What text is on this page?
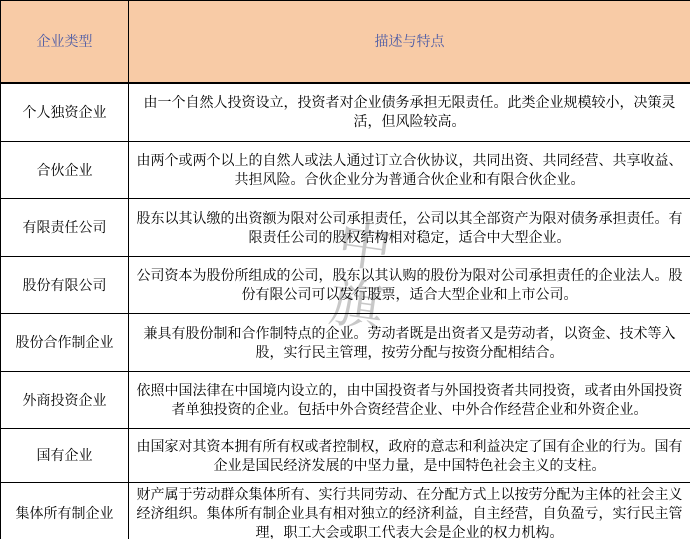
中旗
企业类型	描述与特点
个人独资企业	由一个自然人投资设立，投资者对企业债务承担无限责任。此类企业规模较小，决策灵活，但风险较高。
合伙企业	由两个或两个以上的自然人或法人通过订立合伙协议，共同出资、共同经营、共享收益、共担风险。合伙企业分为普通合伙企业和有限合伙企业。
有限责任公司	股东以其认缴的出资额为限对公司承担责任，公司以其全部资产为限对债务承担责任。有限责任公司的股权结构相对稳定，适合中大型企业。
股份有限公司	公司资本为股份所组成的公司，股东以其认购的股份为限对公司承担责任的企业法人。股份有限公司可以发行股票，适合大型企业和上市公司。
股份合作制企业	兼具有股份制和合作制特点的企业。劳动者既是出资者又是劳动者，以资金、技术等入股，实行民主管理，按劳分配与按资分配相结合。
外商投资企业	依照中国法律在中国境内设立的，由中国投资者与外国投资者共同投资，或者由外国投资者单独投资的企业。包括中外合资经营企业、中外合作经营企业和外资企业。
国有企业	由国家对其资本拥有所有权或者控制权，政府的意志和利益决定了国有企业的行为。国有企业是国民经济发展的中坚力量，是中国特色社会主义的支柱。
集体所有制企业	财产属于劳动群众集体所有、实行共同劳动、在分配方式上以按劳分配为主体的社会主义经济组织。集体所有制企业具有相对独立的经济利益，自主经营，自负盈亏，实行民主管理，职工大会或职工代表大会是企业的权力机构。
